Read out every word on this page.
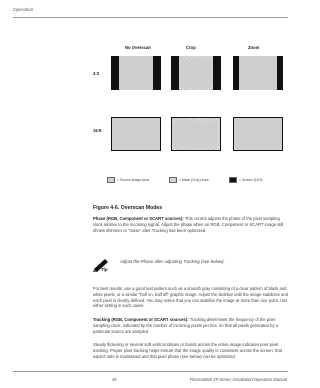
Operation
No Overscan	Crop	Zoom
4:3
16:9
= Source Image Area	= Mask (Crop) Area	= Screen (16:9)
Figure 4-6. Overscan Modes
Phase (RGB, Component or SCART sources): This control adjusts the phase of the pixel sampling clock relative to the incoming signal. Adjust the phase when an RGB, Component or SCART image still shows shimmer or "noise" after Tracking has been optimized.
Tip
Adjust the Phase after adjusting Tracking (see below).
For best results, use a good test pattern such as a smooth gray consisting of a clear pattern of black and white pixels, or a similar "half on, half off" graphic image. Adjust the slidebar until the image stabilizes and each pixel is clearly defined. You may notice that you can stabilize the image at more than one point. Use either setting in such cases.
Tracking (RGB, Component or SCART sources): Tracking determines the frequency of the pixel sampling clock, indicated by the number of incoming pixels per line, so that all pixels generated by a particular source are sampled.
Steady flickering or several soft vertical stripes or bands across the entire image indicates poor pixel tracking. Proper pixel tracking helps ensure that the image quality is consistent across the screen, that aspect ratio is maintained and that pixel phase (see below) can be optimized.
46	PlasmaWall XP Series Installation/Operation Manual
